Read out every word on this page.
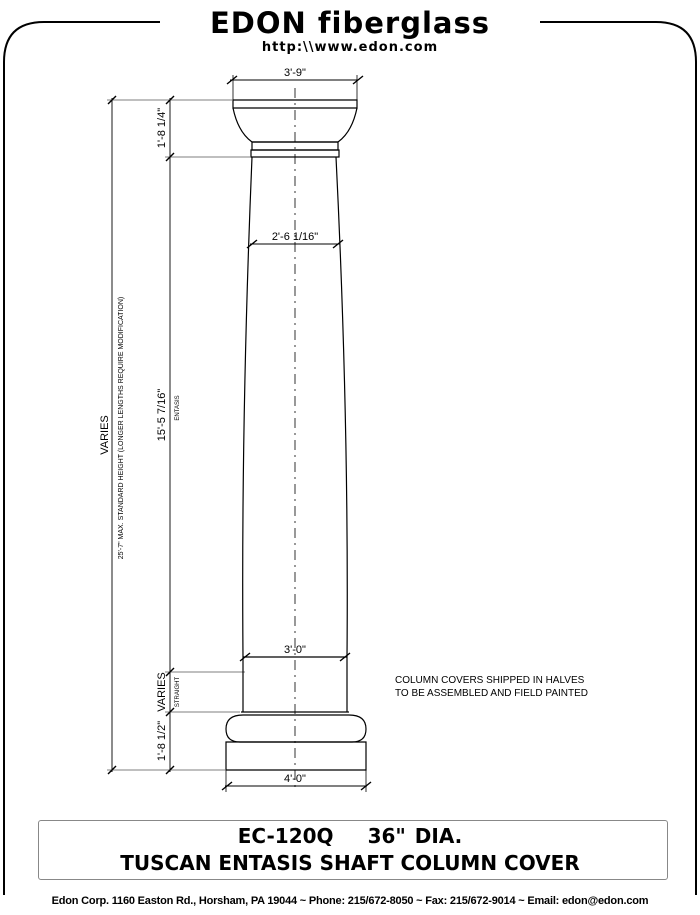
EDON fiberglass
http:\\www.edon.com
3'-9"
2'-6 1/16"
3'-0"
4'-0"
1'-8 1/4"
15'-5 7/16" ENTASIS
VARIES STRAIGHT
1'-8 1/2"
VARIES 25'-7" MAX. STANDARD HEIGHT (LONGER LENGTHS REQUIRE MODIFICATION)
COLUMN COVERS SHIPPED IN HALVES
TO BE ASSEMBLED AND FIELD PAINTED
EC-120Q 36" DIA.
TUSCAN ENTASIS SHAFT COLUMN COVER
Edon Corp. 1160 Easton Rd., Horsham, PA 19044 ~ Phone: 215/672-8050 ~ Fax: 215/672-9014 ~ Email: edon@edon.com
